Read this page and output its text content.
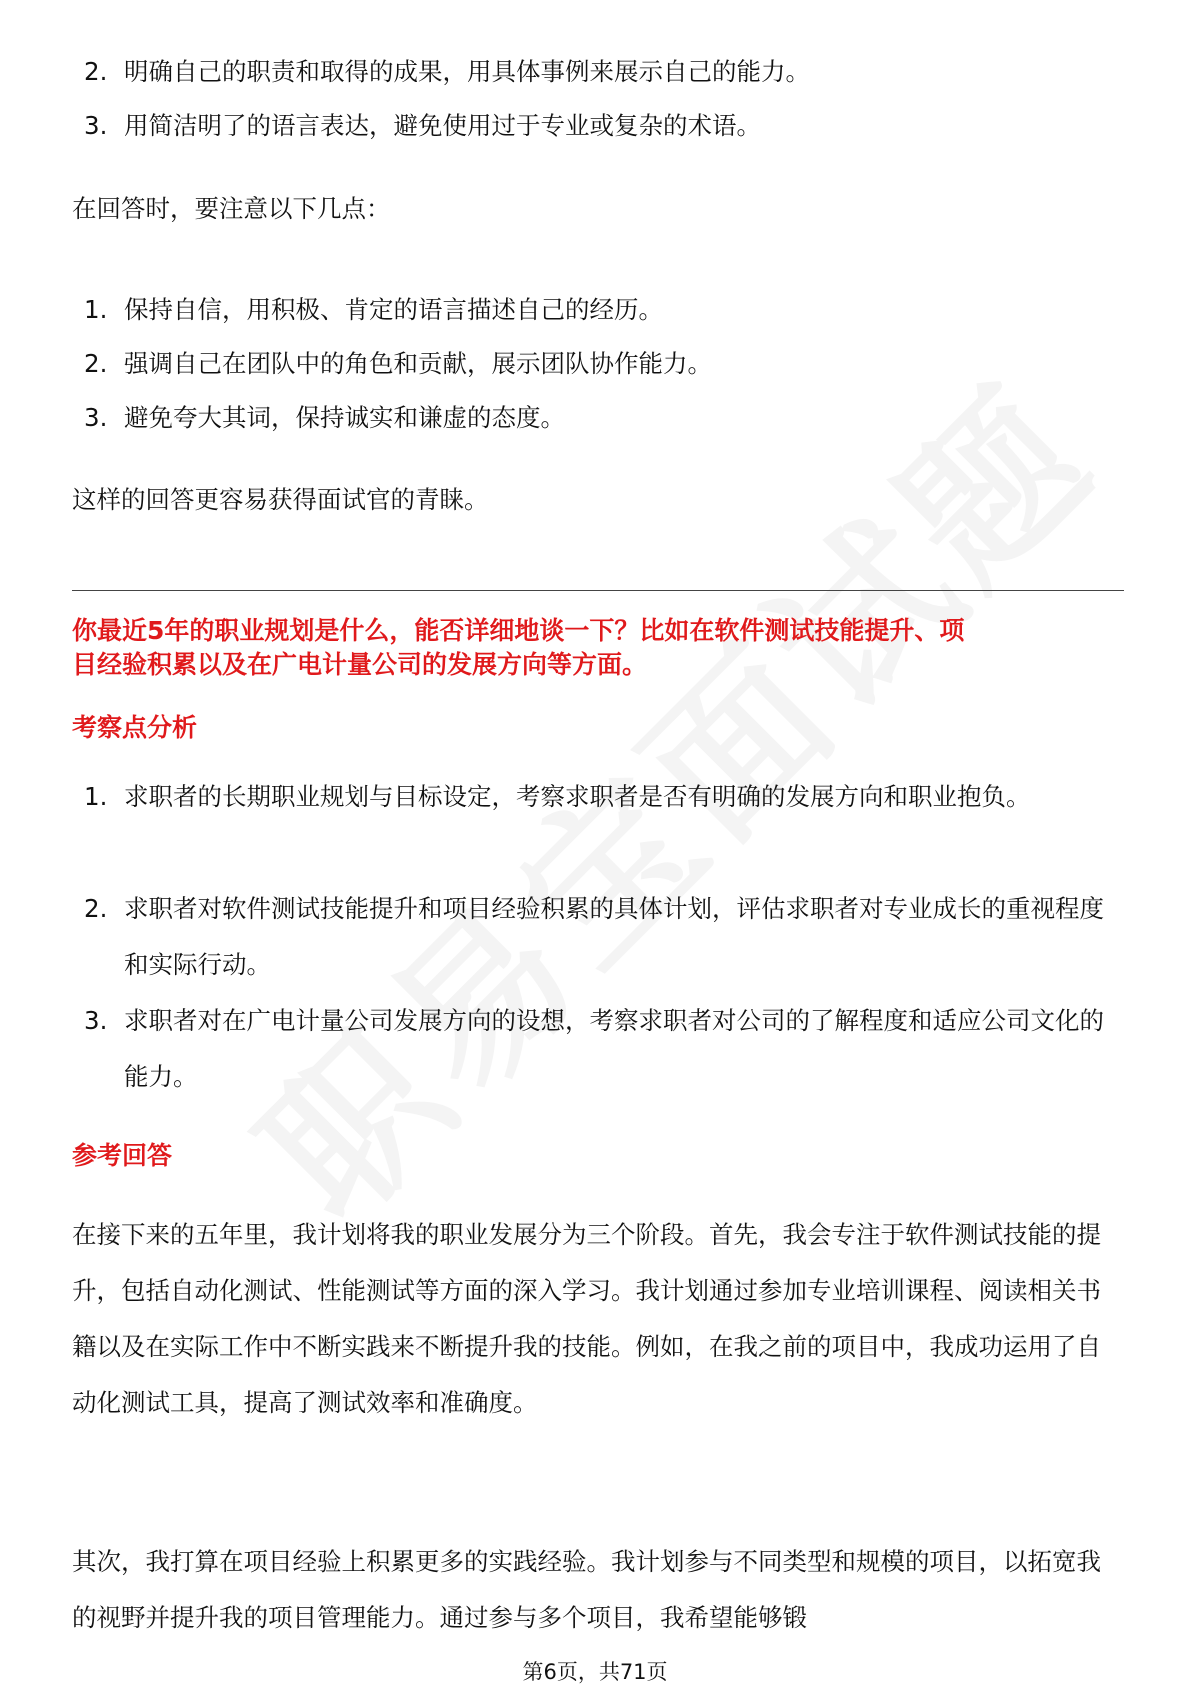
2. 明确自己的职责和取得的成果，用具体事例来展示自己的能力。
3. 用简洁明了的语言表达，避免使用过于专业或复杂的术语。
在回答时，要注意以下几点：
1. 保持自信，用积极、肯定的语言描述自己的经历。
2. 强调自己在团队中的角色和贡献，展示团队协作能力。
3. 避免夸大其词，保持诚实和谦虚的态度。
这样的回答更容易获得面试官的青睐。
你最近5年的职业规划是什么，能否详细地谈一下？比如在软件测试技能提升、项
目经验积累以及在广电计量公司的发展方向等方面。
考察点分析
1. 求职者的长期职业规划与目标设定，考察求职者是否有明确的发展方向和职业抱负。
2. 求职者对软件测试技能提升和项目经验积累的具体计划，评估求职者对专业成长的重视程度和实际行动。
3. 求职者对在广电计量公司发展方向的设想，考察求职者对公司的了解程度和适应公司文化的能力。
参考回答
在接下来的五年里，我计划将我的职业发展分为三个阶段。首先，我会专注于软件测试技能的提升，包括自动化测试、性能测试等方面的深入学习。我计划通过参加专业培训课程、阅读相关书籍以及在实际工作中不断实践来不断提升我的技能。例如，在我之前的项目中，我成功运用了自动化测试工具，提高了测试效率和准确度。
其次，我打算在项目经验上积累更多的实践经验。我计划参与不同类型和规模的项目，以拓宽我的视野并提升我的项目管理能力。通过参与多个项目，我希望能够锻
第6页，共71页
